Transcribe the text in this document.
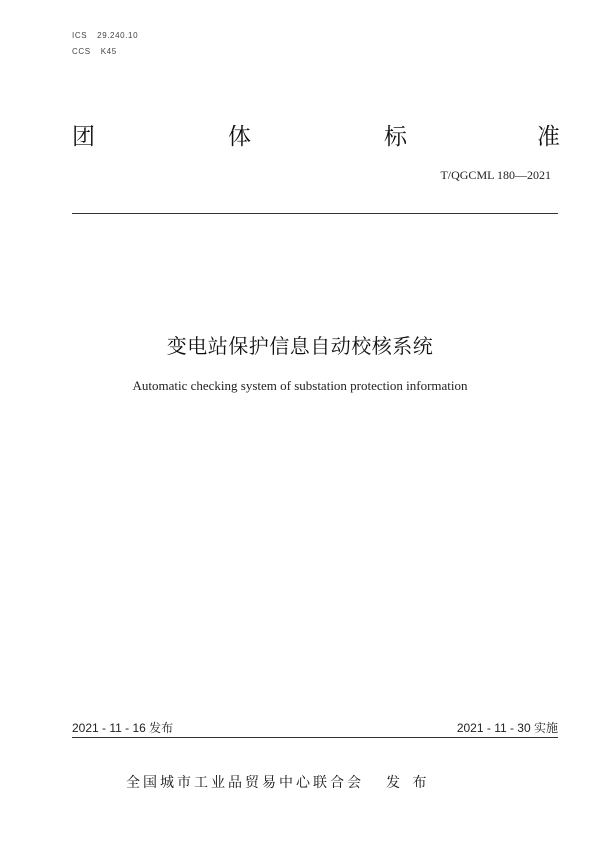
ICS 29.240.10
CCS K45
团	体	标	准
T/QGCML 180—2021
变电站保护信息自动校核系统
Automatic checking system of substation protection information
2021 - 11 - 16 发布	2021 - 11 - 30 实施
全国城市工业品贸易中心联合会 发 布
